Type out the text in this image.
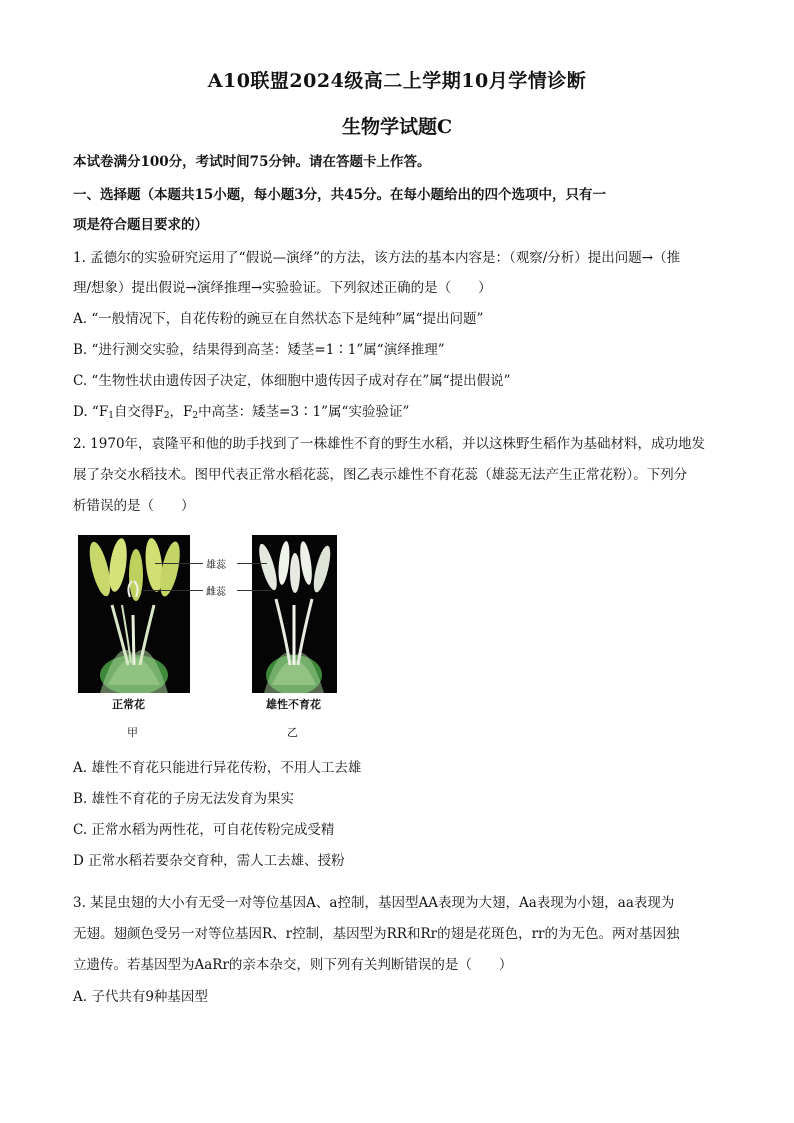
A10联盟2024级高二上学期10月学情诊断
生物学试题C
本试卷满分100分，考试时间75分钟。请在答题卡上作答。
一、选择题（本题共15小题，每小题3分，共45分。在每小题给出的四个选项中，只有一
项是符合题目要求的）
1. 孟德尔的实验研究运用了“假说—演绎”的方法，该方法的基本内容是：（观察/分析）提出问题→（推
理/想象）提出假说→演绎推理→实验验证。下列叙述正确的是（　　）
A. “一般情况下，自花传粉的豌豆在自然状态下是纯种”属“提出问题”
B. “进行测交实验，结果得到高茎：矮茎=1∶1”属“演绎推理”
C. “生物性状由遗传因子决定，体细胞中遗传因子成对存在”属“提出假说”
D. “$F_1$自交得$F_2$，$F_2$中高茎：矮茎=3∶1”属“实验验证”
2. 1970年，袁隆平和他的助手找到了一株雄性不育的野生水稻，并以这株野生稻作为基础材料，成功地发
展了杂交水稻技术。图甲代表正常水稻花蕊，图乙表示雄性不育花蕊（雄蕊无法产生正常花粉）。下列分
析错误的是（　　）
雄蕊
雌蕊
正常花	雄性不育花
甲	乙
A. 雄性不育花只能进行异花传粉，不用人工去雄
B. 雄性不育花的子房无法发育为果实
C. 正常水稻为两性花，可自花传粉完成受精
D 正常水稻若要杂交育种，需人工去雄、授粉
3. 某昆虫翅的大小有无受一对等位基因A、a控制，基因型AA表现为大翅，Aa表现为小翅，aa表现为
无翅。翅颜色受另一对等位基因R、r控制，基因型为RR和Rr的翅是花斑色，rr的为无色。两对基因独
立遗传。若基因型为AaRr的亲本杂交，则下列有关判断错误的是（　　）
A. 子代共有9种基因型
